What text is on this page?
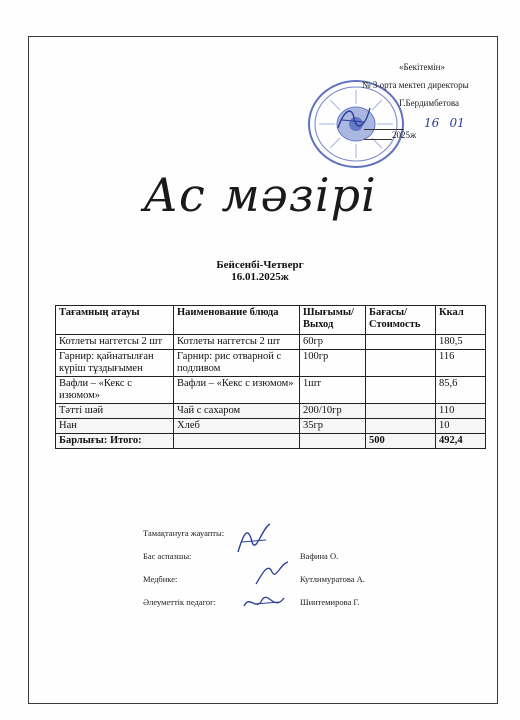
«Бекітемін»
№ 3 орта мектеп директоры
Г.Бердимбетова
16 012025ж
Ас мәзірі
Бейсенбі-Четверг
16.01.2025ж
Тағамның атауы	Наименование блюда	Шығымы/ Выход	Бағасы/ Стоимость	Ккал
Котлеты наггетсы 2 шт	Котлеты наггетсы 2 шт	60гр		180,5
Гарнир: қайнатылған күріш тұздығымен	Гарнир: рис отварной с подливом	100гр		116
Вафли – «Кекс с изюмом»	Вафли – «Кекс с изюмом»	1шт		85,6
Тәтті шәй	Чай с сахаром	200/10гр		110
Нан	Хлеб	35гр		10
Барлығы: Итого:			500	492,4
Тамақтануға жауапты:
Бас аспазшы:	Вафина О.
Медбике:	Кутлимуратова А.
Әлеуметтік педагог:	Шинтемирова Г.
